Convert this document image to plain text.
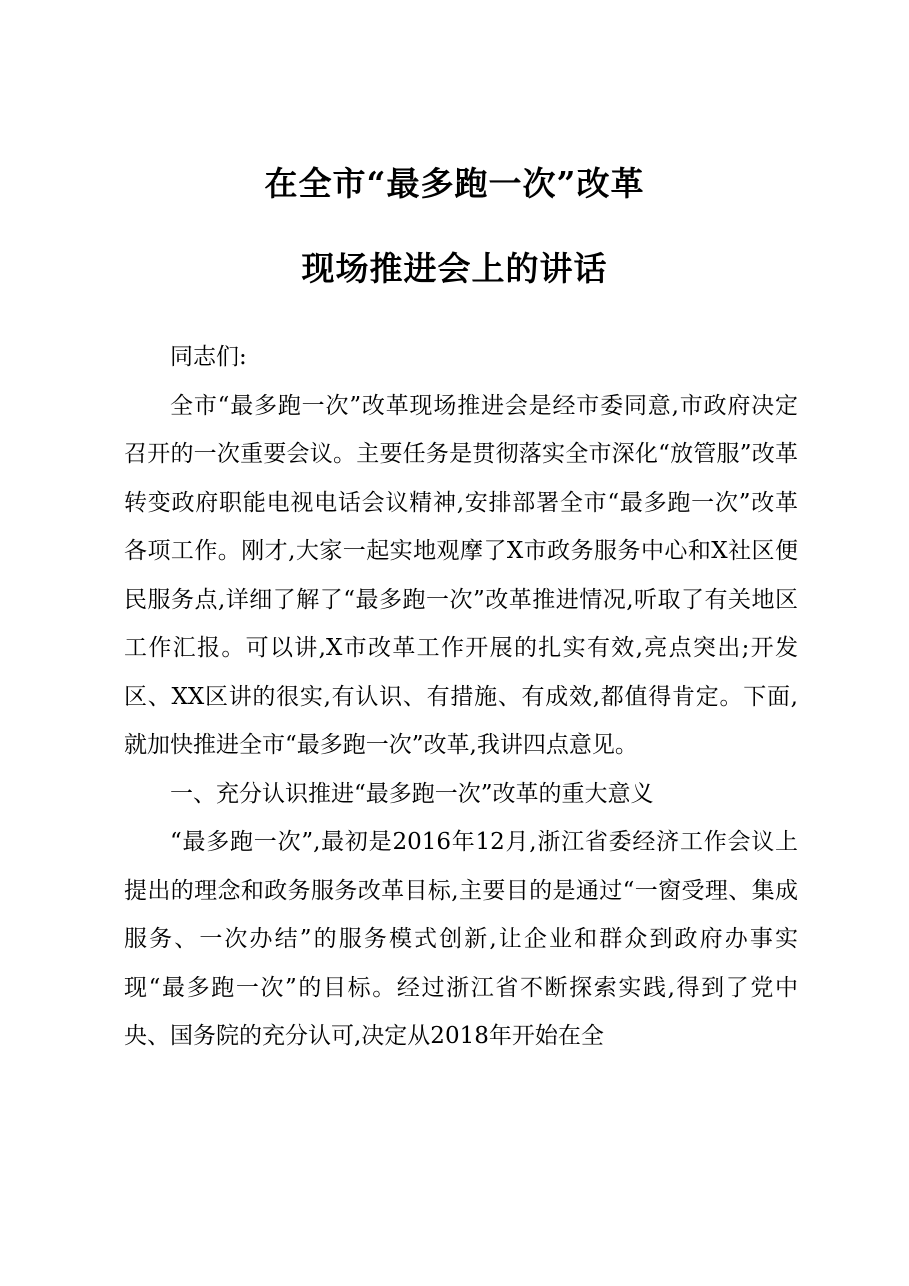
在全市“最多跑一次”改革
现场推进会上的讲话

同志们:

全市“最多跑一次”改革现场推进会是经市委同意,市政府决定召开的一次重要会议。主要任务是贯彻落实全市深化“放管服”改革转变政府职能电视电话会议精神,安排部署全市“最多跑一次”改革各项工作。刚才,大家一起实地观摩了X市政务服务中心和X社区便民服务点,详细了解了“最多跑一次”改革推进情况,听取了有关地区工作汇报。可以讲,X市改革工作开展的扎实有效,亮点突出;开发区、XX区讲的很实,有认识、有措施、有成效,都值得肯定。下面,就加快推进全市“最多跑一次”改革,我讲四点意见。

一、充分认识推进“最多跑一次”改革的重大意义

“最多跑一次”,最初是2016年12月,浙江省委经济工作会议上提出的理念和政务服务改革目标,主要目的是通过“一窗受理、集成服务、一次办结”的服务模式创新,让企业和群众到政府办事实现“最多跑一次”的目标。经过浙江省不断探索实践,得到了党中央、国务院的充分认可,决定从2018年开始在全
